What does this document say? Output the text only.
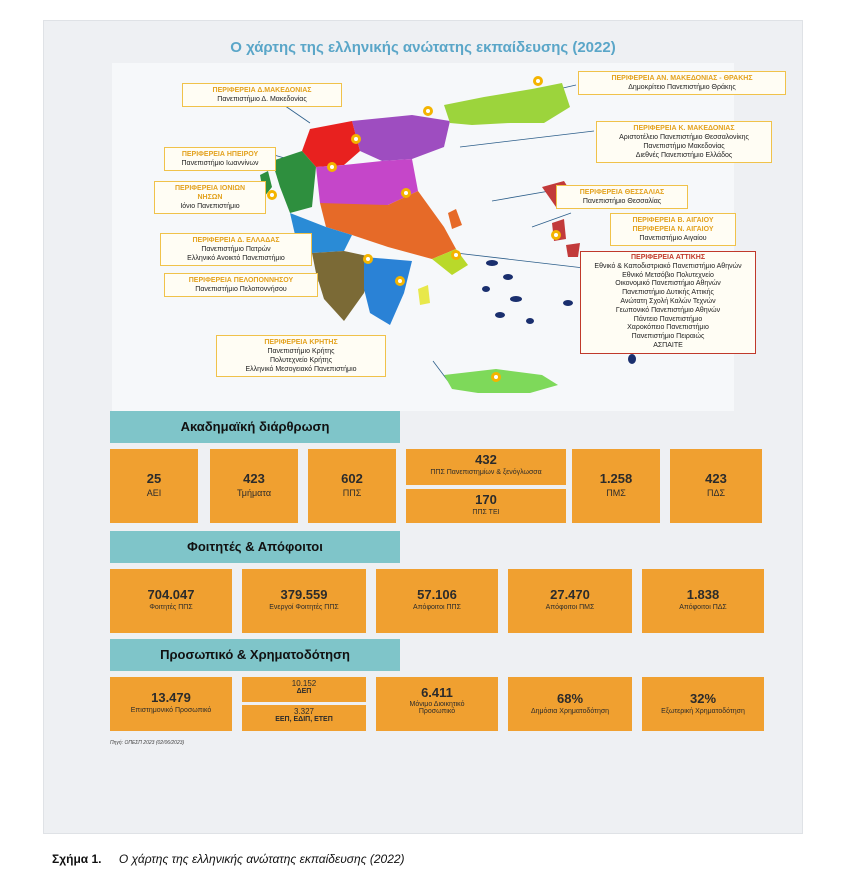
Ο χάρτης της ελληνικής ανώτατης εκπαίδευσης (2022)
ΠΕΡΙΦΕΡΕΙΑ Δ.ΜΑΚΕΔΟΝΙΑΣ
Πανεπιστήμιο Δ. Μακεδονίας
ΠΕΡΙΦΕΡΕΙΑ ΑΝ. ΜΑΚΕΔΟΝΙΑΣ - ΘΡΑΚΗΣ
Δημοκρίτειο Πανεπιστήμιο Θράκης
ΠΕΡΙΦΕΡΕΙΑ Κ. ΜΑΚΕΔΟΝΙΑΣ
Αριστοτέλειο Πανεπιστήμιο Θεσσαλονίκης
Πανεπιστήμιο Μακεδονίας
Διεθνές Πανεπιστήμιο Ελλάδος
ΠΕΡΙΦΕΡΕΙΑ ΗΠΕΙΡΟΥ
Πανεπιστήμιο Ιωαννίνων
ΠΕΡΙΦΕΡΕΙΑ ΙΟΝΙΩΝ
ΝΗΣΩΝ
Ιόνιο Πανεπιστήμιο
ΠΕΡΙΦΕΡΕΙΑ ΘΕΣΣΑΛΙΑΣ
Πανεπιστήμιο Θεσσαλίας
ΠΕΡΙΦΕΡΕΙΑ Β. ΑΙΓΑΙΟΥ
ΠΕΡΙΦΕΡΕΙΑ Ν. ΑΙΓΑΙΟΥ
Πανεπιστήμιο Αιγαίου
ΠΕΡΙΦΕΡΕΙΑ Δ. ΕΛΛΑΔΑΣ
Πανεπιστήμιο Πατρών
Ελληνικό Ανοικτό Πανεπιστήμιο	ΠΕΡΙΦΕΡΕΙΑ ΑΤΤΙΚΗΣ
Εθνικό & Καποδιστριακό Πανεπιστήμιο Αθηνών
Εθνικό Μετσόβιο Πολυτεχνείο
Οικονομικό Πανεπιστήμιο Αθηνών
Πανεπιστήμιο Δυτικής Αττικής
Ανώτατη Σχολή Καλών Τεχνών
Γεωπονικό Πανεπιστήμιο Αθηνών
Πάντειο Πανεπιστήμιο
Χαροκόπειο Πανεπιστήμιο
Πανεπιστήμιο Πειραιώς
ΑΣΠΑΙΤΕ
ΠΕΡΙΦΕΡΕΙΑ ΠΕΛΟΠΟΝΝΗΣΟΥ
Πανεπιστήμιο Πελοποννήσου
ΠΕΡΙΦΕΡΕΙΑ ΚΡΗΤΗΣ
Πανεπιστήμιο Κρήτης
Πολυτεχνείο Κρήτης
Ελληνικό Μεσογειακό Πανεπιστήμιο
Ακαδημαϊκή διάρθρωση
25
ΑΕΙ
423
Τμήματα
602
ΠΠΣ
432
ΠΠΣ Πανεπιστημίων & ξενόγλωσσα
170
ΠΠΣ ΤΕΙ
1.258
ΠΜΣ
423
ΠΔΣ
Φοιτητές & Απόφοιτοι
704.047
Φοιτητές ΠΠΣ
379.559
Ενεργοί Φοιτητές ΠΠΣ
57.106
Απόφοιτοι ΠΠΣ
27.470
Απόφοιτοι ΠΜΣ
1.838
Απόφοιτοι ΠΔΣ
Προσωπικό & Χρηματοδότηση
13.479
Επιστημονικό Προσωπικό
10.152
ΔΕΠ
3.327
ΕΕΠ, ΕΔΙΠ, ΕΤΕΠ
6.411
Μόνιμο Διοικητικό
Προσωπικό
68%
Δημόσια Χρηματοδότηση
32%
Εξωτερική Χρηματοδότηση
Πηγή: ΟΠΕΣΠ 2023 (02/06/2023)
Σχήμα 1. Ο χάρτης της ελληνικής ανώτατης εκπαίδευσης (2022)
